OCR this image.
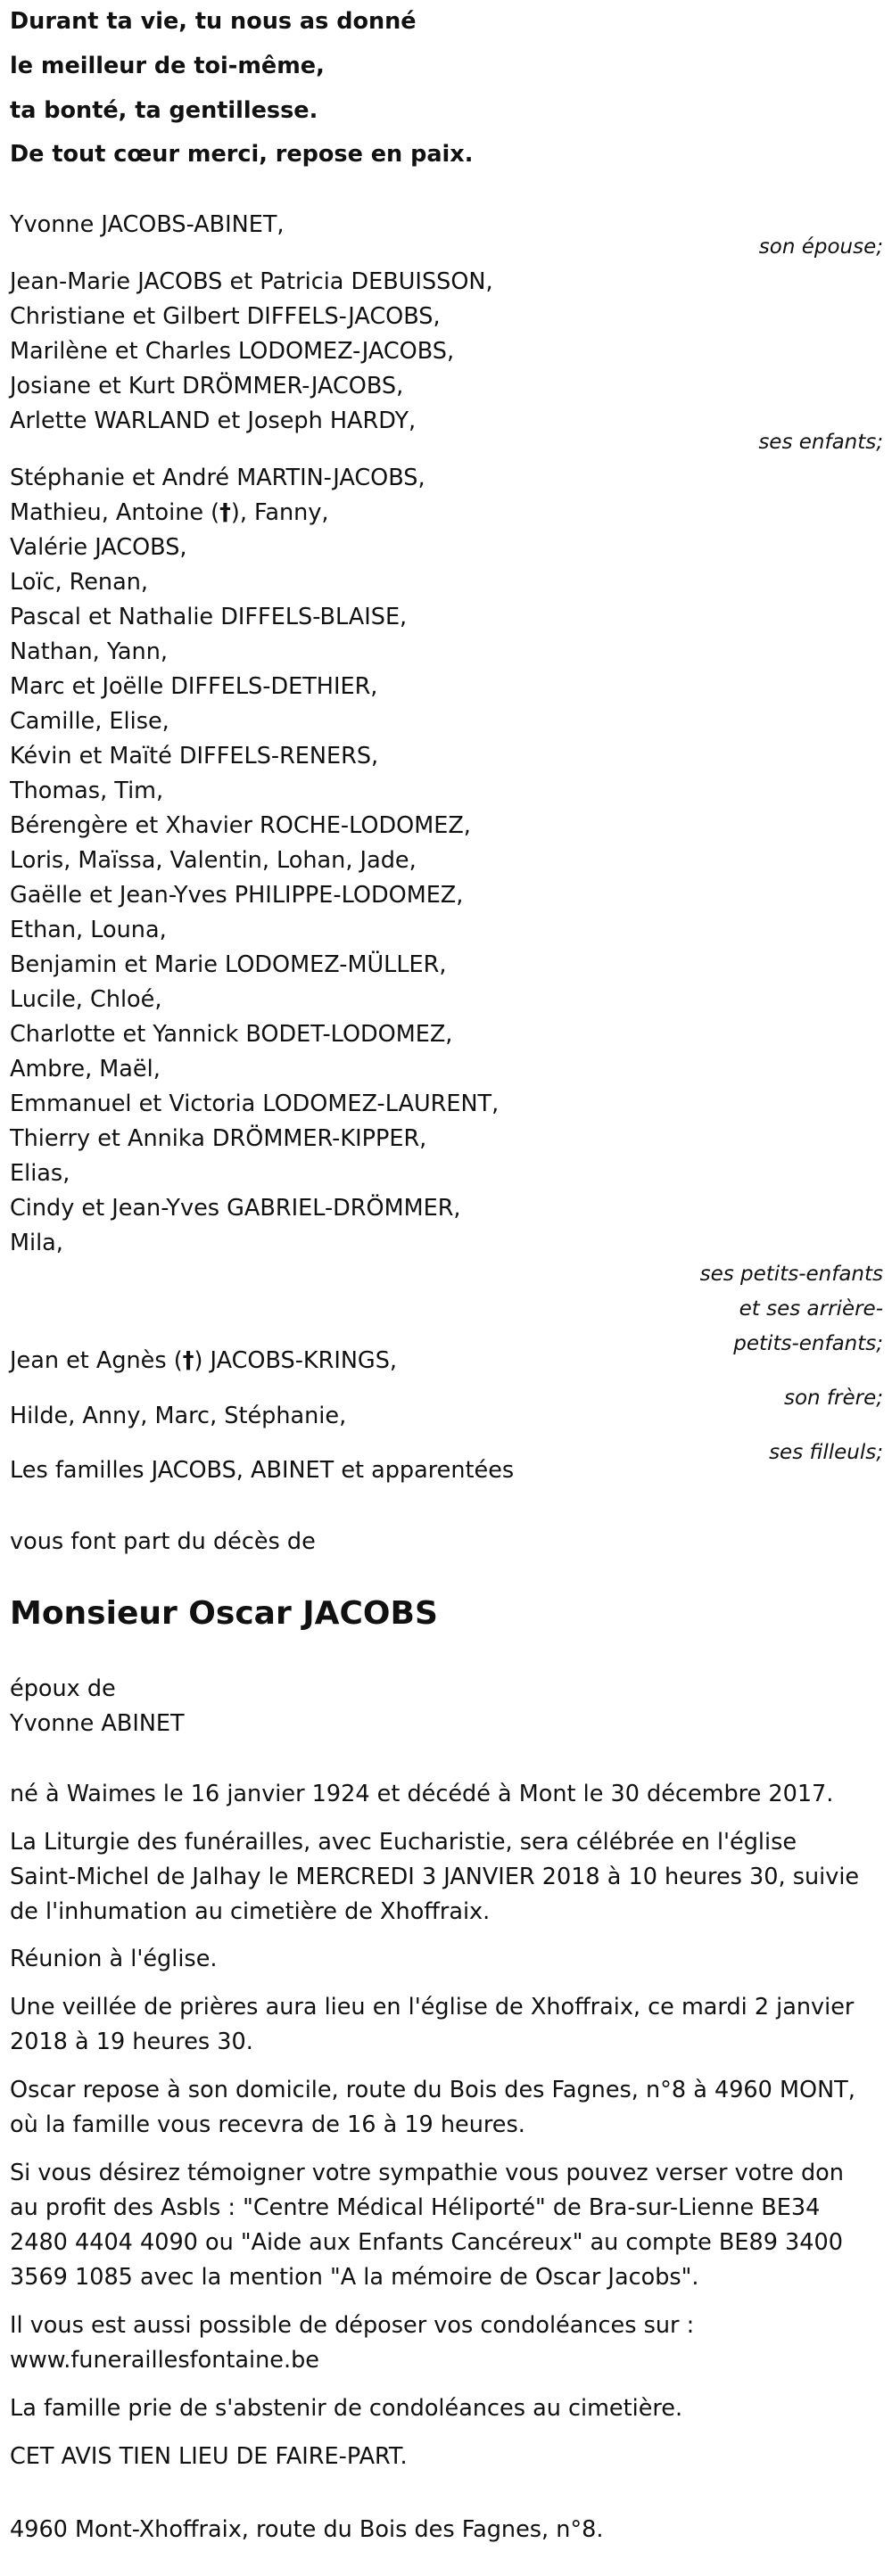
Durant ta vie, tu nous as donné
le meilleur de toi-même,
ta bonté, ta gentillesse.
De tout cœur merci, repose en paix.
Yvonne JACOBS-ABINET,
son épouse;
Jean-Marie JACOBS et Patricia DEBUISSON,
Christiane et Gilbert DIFFELS-JACOBS,
Marilène et Charles LODOMEZ-JACOBS,
Josiane et Kurt DRÖMMER-JACOBS,
Arlette WARLAND et Joseph HARDY,
ses enfants;
Stéphanie et André MARTIN-JACOBS,
Mathieu, Antoine (†), Fanny,
Valérie JACOBS,
Loïc, Renan,
Pascal et Nathalie DIFFELS-BLAISE,
Nathan, Yann,
Marc et Joëlle DIFFELS-DETHIER,
Camille, Elise,
Kévin et Maïté DIFFELS-RENERS,
Thomas, Tim,
Bérengère et Xhavier ROCHE-LODOMEZ,
Loris, Maïssa, Valentin, Lohan, Jade,
Gaëlle et Jean-Yves PHILIPPE-LODOMEZ,
Ethan, Louna,
Benjamin et Marie LODOMEZ-MÜLLER,
Lucile, Chloé,
Charlotte et Yannick BODET-LODOMEZ,
Ambre, Maël,
Emmanuel et Victoria LODOMEZ-LAURENT,
Thierry et Annika DRÖMMER-KIPPER,
Elias,
Cindy et Jean-Yves GABRIEL-DRÖMMER,
Mila,
ses petits-enfants
et ses arrière-
petits-enfants;
Jean et Agnès (†) JACOBS-KRINGS,
son frère;
Hilde, Anny, Marc, Stéphanie,
ses filleuls;
Les familles JACOBS, ABINET et apparentées
vous font part du décès de
Monsieur Oscar JACOBS
époux de
Yvonne ABINET
né à Waimes le 16 janvier 1924 et décédé à Mont le 30 décembre 2017.
La Liturgie des funérailles, avec Eucharistie, sera célébrée en l'église
Saint-Michel de Jalhay le MERCREDI 3 JANVIER 2018 à 10 heures 30, suivie
de l'inhumation au cimetière de Xhoffraix.
Réunion à l'église.
Une veillée de prières aura lieu en l'église de Xhoffraix, ce mardi 2 janvier
2018 à 19 heures 30.
Oscar repose à son domicile, route du Bois des Fagnes, n°8 à 4960 MONT,
où la famille vous recevra de 16 à 19 heures.
Si vous désirez témoigner votre sympathie vous pouvez verser votre don
au profit des Asbls : "Centre Médical Héliporté" de Bra-sur-Lienne BE34
2480 4404 4090 ou "Aide aux Enfants Cancéreux" au compte BE89 3400
3569 1085 avec la mention "A la mémoire de Oscar Jacobs".
Il vous est aussi possible de déposer vos condoléances sur :
www.funeraillesfontaine.be
La famille prie de s'abstenir de condoléances au cimetière.
CET AVIS TIEN LIEU DE FAIRE-PART.
4960 Mont-Xhoffraix, route du Bois des Fagnes, n°8.
